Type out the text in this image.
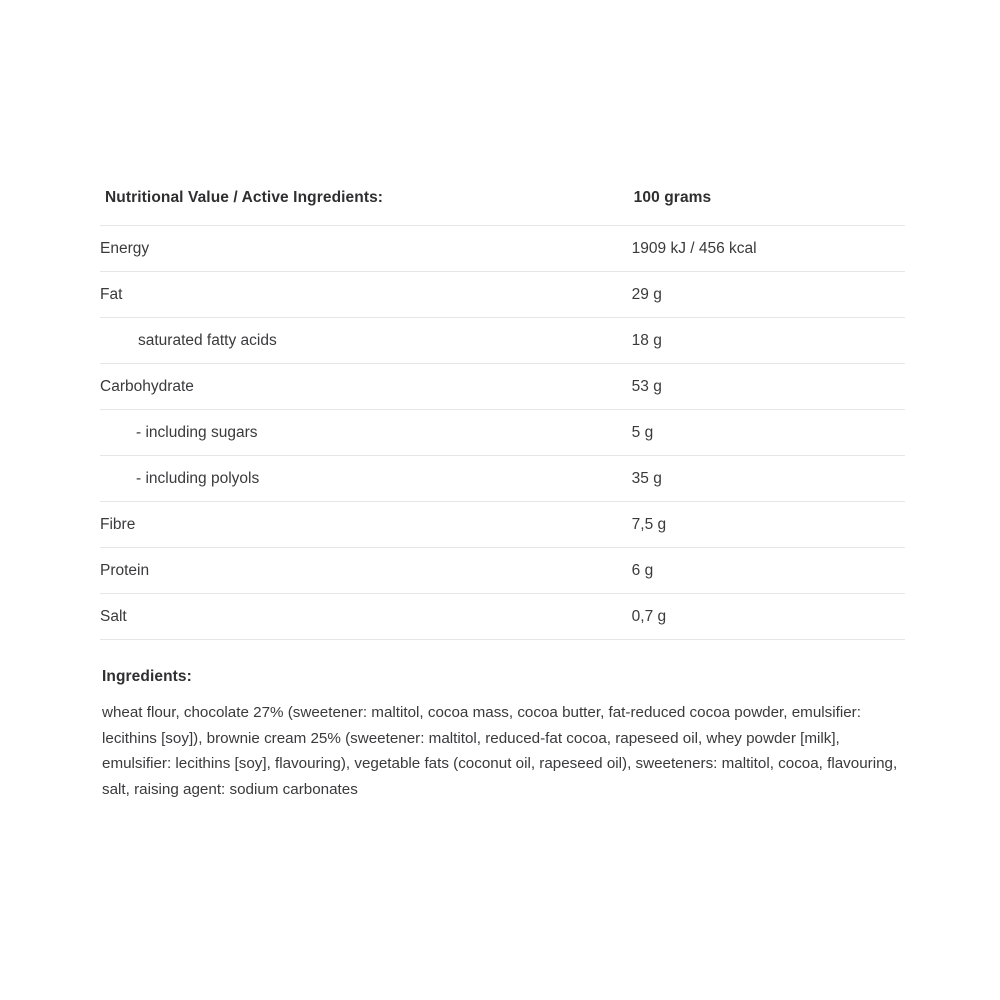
Nutritional Value / Active Ingredients:	100 grams
Energy	1909 kJ / 456 kcal
Fat	29 g
saturated fatty acids	18 g
Carbohydrate	53 g
- including sugars	5 g
- including polyols	35 g
Fibre	7,5 g
Protein	6 g
Salt	0,7 g
Ingredients:
wheat flour, chocolate 27% (sweetener: maltitol, cocoa mass, cocoa butter, fat-reduced cocoa powder, emulsifier: lecithins [soy]), brownie cream 25% (sweetener: maltitol, reduced-fat cocoa, rapeseed oil, whey powder [milk], emulsifier: lecithins [soy], flavouring), vegetable fats (coconut oil, rapeseed oil), sweeteners: maltitol, cocoa, flavouring, salt, raising agent: sodium carbonates
